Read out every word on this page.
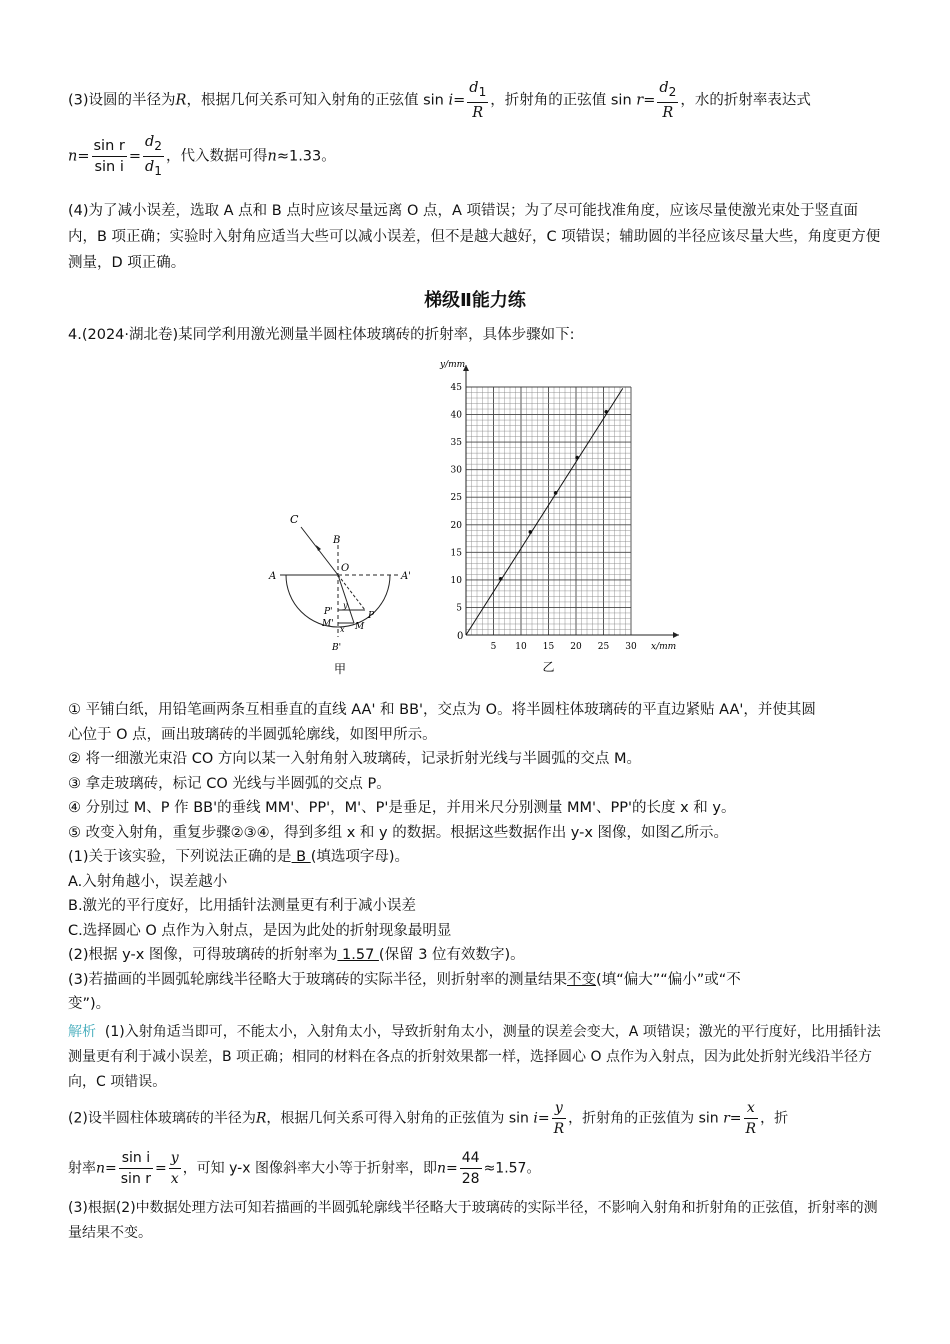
(3)设圆的半径为R，根据几何关系可知入射角的正弦值 $\sin i= \frac{d_1}{R}$ ，折射角的正弦值 $\sin r= \frac{d_2}{R}$ ，水的折射率表达式
$n= \frac{\text{sin r}}{\text{sin i}} = \frac{d_2}{d_1}$ ，代入数据可得n≈1.33。
(4)为了减小误差，选取 A 点和 B 点时应该尽量远离 O 点，A 项错误；为了尽可能找准角度，应该尽量使激光束处于竖直面内，B 项正确；实验时入射角应适当大些可以减小误差，但不是越大越好，C 项错误；辅助圆的半径应该尽量大些，角度更方便测量，D 项正确。
梯级Ⅱ能力练
4.(2024·湖北卷)某同学利用激光测量半圆柱体玻璃砖的折射率，具体步骤如下:
C
B
O
A	A'
P'
y
M'
x M
P
B'
甲
5 10 15 20 25 30
5
10
15
20
25
30
35
40
45
y/mm
x/mm
0
乙
① 平铺白纸，用铅笔画两条互相垂直的直线 AA' 和 BB'，交点为 O。将半圆柱体玻璃砖的平直边紧贴 AA'，并使其圆
心位于 O 点，画出玻璃砖的半圆弧轮廓线，如图甲所示。
② 将一细激光束沿 CO 方向以某一入射角射入玻璃砖，记录折射光线与半圆弧的交点 M。
③ 拿走玻璃砖，标记 CO 光线与半圆弧的交点 P。
④ 分别过 M、P 作 BB'的垂线 MM'、PP'，M'、P'是垂足，并用米尺分别测量 MM'、PP'的长度 x 和 y。
⑤ 改变入射角，重复步骤②③④，得到多组 x 和 y 的数据。根据这些数据作出 y-x 图像，如图乙所示。
(1)关于该实验，下列说法正确的是 B (填选项字母)。
A.入射角越小，误差越小
B.激光的平行度好，比用插针法测量更有利于减小误差
C.选择圆心 O 点作为入射点，是因为此处的折射现象最明显
(2)根据 y-x 图像，可得玻璃砖的折射率为 1.57 (保留 3 位有效数字)。
(3)若描画的半圆弧轮廓线半径略大于玻璃砖的实际半径，则折射率的测量结果不变(填“偏大”“偏小”或“不
变”)。
解析 (1)入射角适当即可，不能太小，入射角太小，导致折射角太小，测量的误差会变大，A 项错误；激光的平行度好，比用插针法测量更有利于减小误差，B 项正确；相同的材料在各点的折射效果都一样，选择圆心 O 点作为入射点，因为此处折射光线沿半径方向，C 项错误。
(2)设半圆柱体玻璃砖的半径为R，根据几何关系可得入射角的正弦值为 $\sin i= \frac{y}{R}$ ，折射角的正弦值为 $\sin r= \frac{x}{R}$ ，折
射率$n= \frac{\text{sin i}}{\text{sin r}} = \frac{y}{x}$ ，可知 y-x 图像斜率大小等于折射率，即$n= \frac{44}{28} \approx 1.57$。
(3)根据(2)中数据处理方法可知若描画的半圆弧轮廓线半径略大于玻璃砖的实际半径，不影响入射角和折射角的正弦值，折射率的测量结果不变。
